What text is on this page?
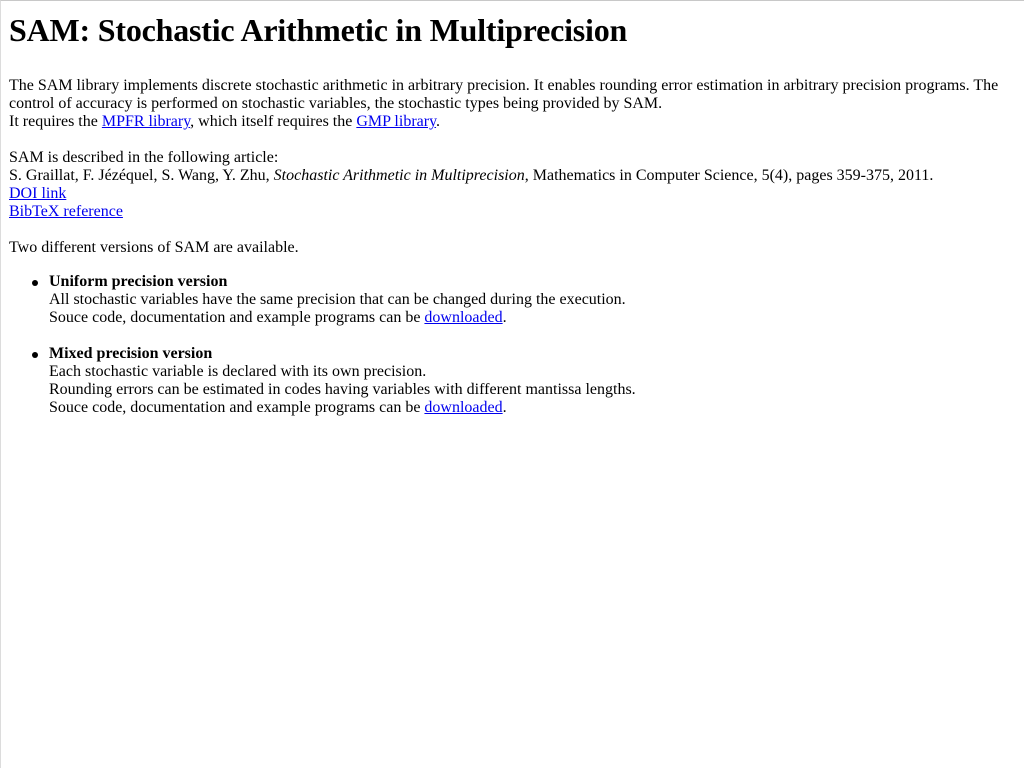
SAM: Stochastic Arithmetic in Multiprecision

The SAM library implements discrete stochastic arithmetic in arbitrary precision. It enables rounding error estimation in arbitrary precision programs. The control of accuracy is performed on stochastic variables, the stochastic types being provided by SAM.
It requires the MPFR library, which itself requires the GMP library.

SAM is described in the following article:
S. Graillat, F. Jézéquel, S. Wang, Y. Zhu, Stochastic Arithmetic in Multiprecision, Mathematics in Computer Science, 5(4), pages 359-375, 2011.
DOI link
BibTeX reference

Two different versions of SAM are available.

Uniform precision version
All stochastic variables have the same precision that can be changed during the execution.
Souce code, documentation and example programs can be downloaded.
Mixed precision version
Each stochastic variable is declared with its own precision.
Rounding errors can be estimated in codes having variables with different mantissa lengths.
Souce code, documentation and example programs can be downloaded.
